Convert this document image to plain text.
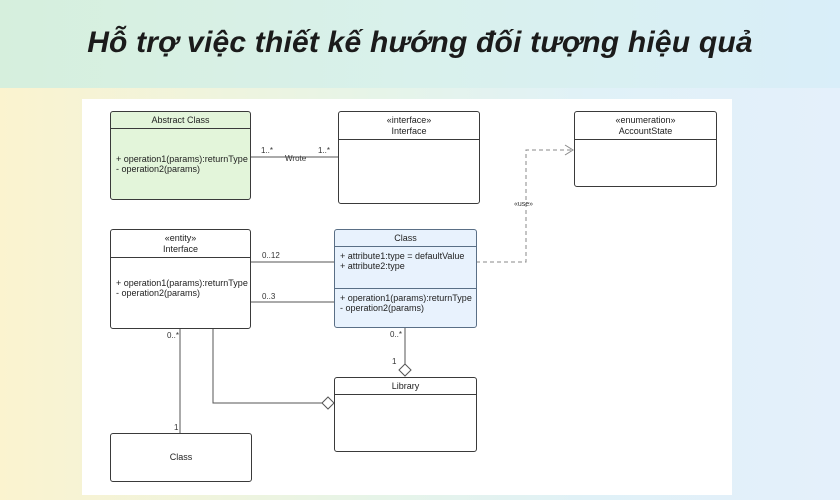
Hỗ trợ việc thiết kế hướng đối tượng hiệu quả
Abstract Class
+ operation1(params):returnType
- operation2(params)
«interface»
Interface
«enumeration»
AccountState
«entity»
Interface
+ operation1(params):returnType
- operation2(params)
Class
+ attribute1:type = defaultValue
+ attribute2:type
+ operation1(params):returnType
- operation2(params)
Library
Class
1..*
Wrote
1..*
«use»
0..12
0..3
0..*
1
0..*
1
